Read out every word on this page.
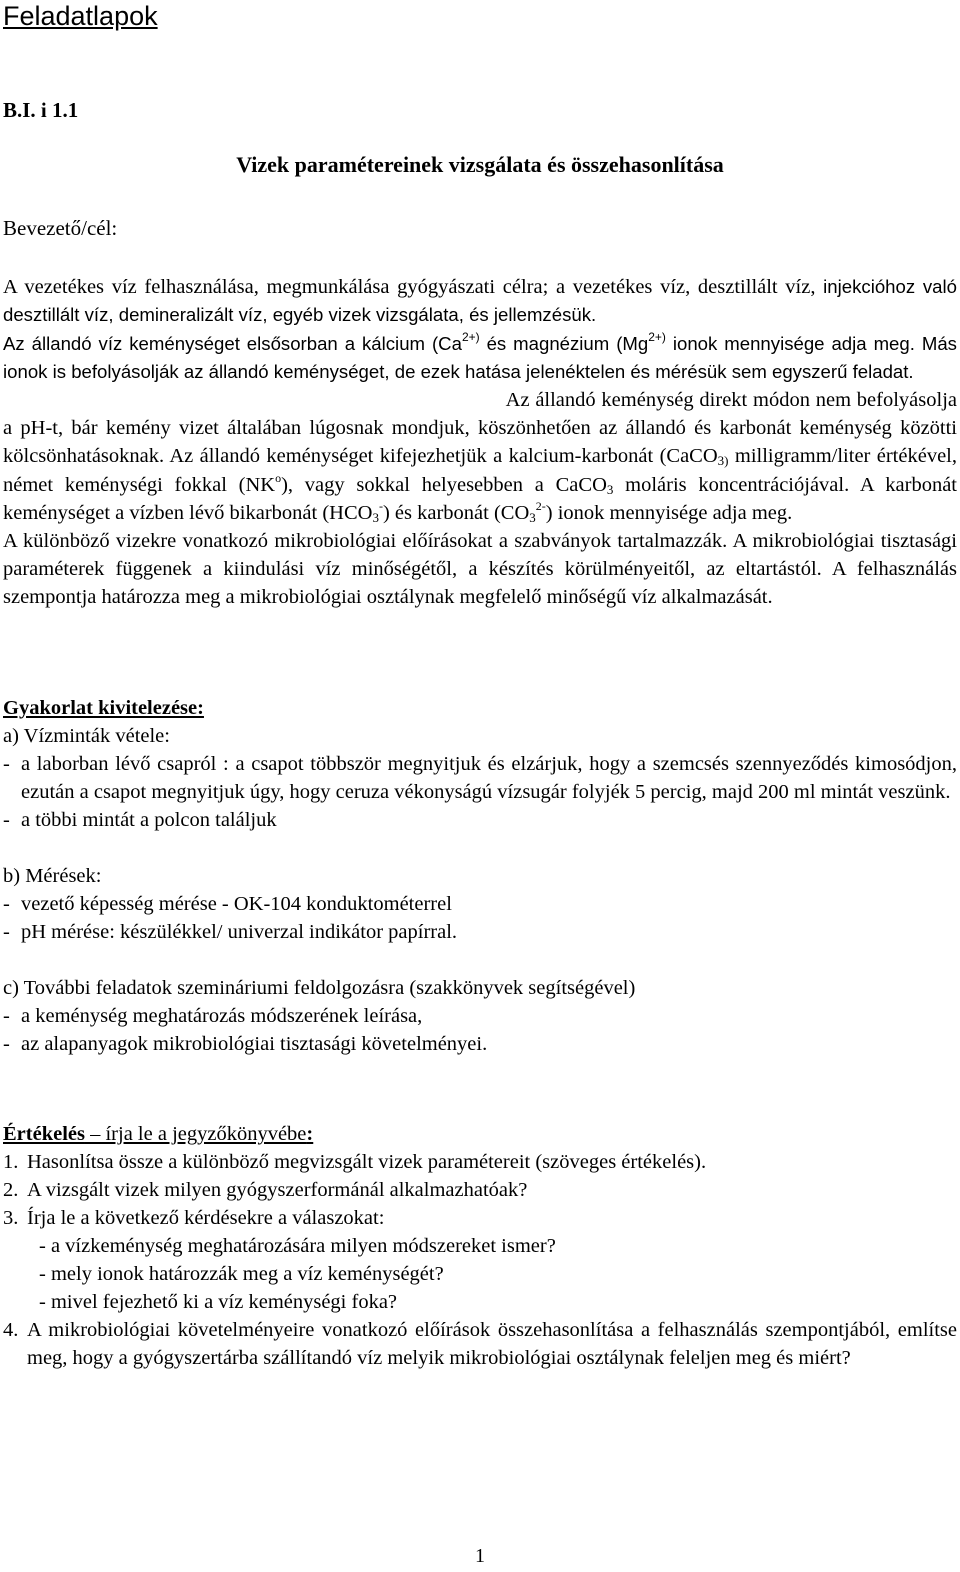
Feladatlapok
B.I. i 1.1
Vizek paramétereinek vizsgálata és összehasonlítása
Bevezető/cél:

A vezetékes víz felhasználása, megmunkálása gyógyászati célra; a vezetékes víz, desztillált víz, injekcióhoz való desztillált víz, demineralizált víz, egyéb vizek vizsgálata, és jellemzésük.

Az állandó víz keménységet elsősorban a kálcium ($Ca^{2+)}$ és magnézium ($Mg^{2+)}$ ionok mennyisége adja meg. Más ionok is befolyásolják az állandó keménységet, de ezek hatása jelenéktelen és mérésük sem egyszerű feladat.

Az állandó keménység direkt módon nem befolyásolja a pH-t, bár kemény vizet általában lúgosnak mondjuk, köszönhetően az állandó és karbonát keménység közötti kölcsönhatásoknak. Az állandó keménységet kifejezhetjük a kalcium-karbonát (CaCO$_{3)}$ milligramm/liter értékével, német keménységi fokkal $(NK^o)$, vagy sokkal helyesebben a CaCO$_3$ moláris koncentrációjával. A karbonát keménységet a vízben lévő bikarbonát $(HCO_3^-)$ és karbonát $(CO_3^{2-})$ ionok mennyisége adja meg.

A különböző vizekre vonatkozó mikrobiológiai előírásokat a szabványok tartalmazzák. A mikrobiológiai tisztasági paraméterek függenek a kiindulási víz minőségétől, a készítés körülményeitől, az eltartástól. A felhasználás szempontja határozza meg a mikrobiológiai osztálynak megfelelő minőségű víz alkalmazását.

Gyakorlat kivitelezése:

a) Vízminták vétele:

- a laborban lévő csapról : a csapot többször megnyitjuk és elzárjuk, hogy a szemcsés szennyeződés kimosódjon, ezután a csapot megnyitjuk úgy, hogy ceruza vékonyságú vízsugár folyjék 5 percig, majd 200 ml mintát veszünk.
- a többi mintát a polcon találjuk

b) Mérések:

- vezető képesség mérése - OK-104 konduktométerrel
- pH mérése: készülékkel/ univerzal indikátor papírral.

c) További feladatok szemináriumi feldolgozásra (szakkönyvek segítségével)

- a keménység meghatározás módszerének leírása,
- az alapanyagok mikrobiológiai tisztasági követelményei.

Értékelés – írja le a jegyzőkönyvébe:

1. Hasonlítsa össze a különböző megvizsgált vizek paramétereit (szöveges értékelés).
2. A vizsgált vizek milyen gyógyszerformánál alkalmazhatóak?
3. Írja le a következő kérdésekre a válaszokat:

- a vízkeménység meghatározására milyen módszereket ismer?

- mely ionok határozzák meg a víz keménységét?

- mivel fejezhető ki a víz keménységi foka?

4. A mikrobiológiai követelményeire vonatkozó előírások összehasonlítása a felhasználás szempontjából, említse meg, hogy a gyógyszertárba szállítandó víz melyik mikrobiológiai osztálynak feleljen meg és miért?
1
